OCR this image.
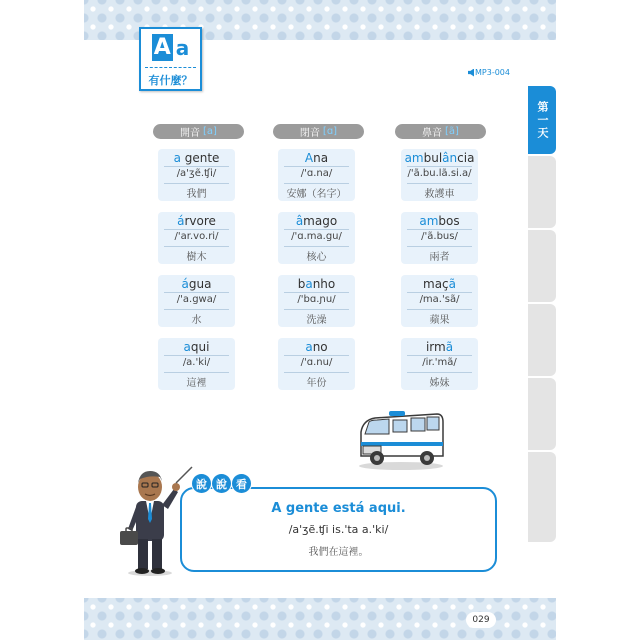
A a
有什麼？
MP3-004
第一天
開音 [a]	閉音 [ɑ]	鼻音 [ã]
a gente
/a'ʒẽ.ʧi/
我們
árvore
/'ar.vo.ri/
樹木
água
/'a.gwa/
水
aqui
/a.'ki/
這裡
Ana
/'ɑ.na/
安娜（名字）
âmago
/'ɑ.ma.gu/
核心
banho
/'bɑ.ɲu/
洗澡
ano
/'ɑ.nu/
年份
ambulância
/'ã.bu.lã.si.a/
救護車
ambos
/'ã.bus/
兩者
maçã
/ma.'sã/
蘋果
irmã
/ir.'mã/
姊妹
A gente está aqui.
/a'ʒẽ.ʧi is.'ta a.'ki/
我們在這裡。
說 說 看
029
